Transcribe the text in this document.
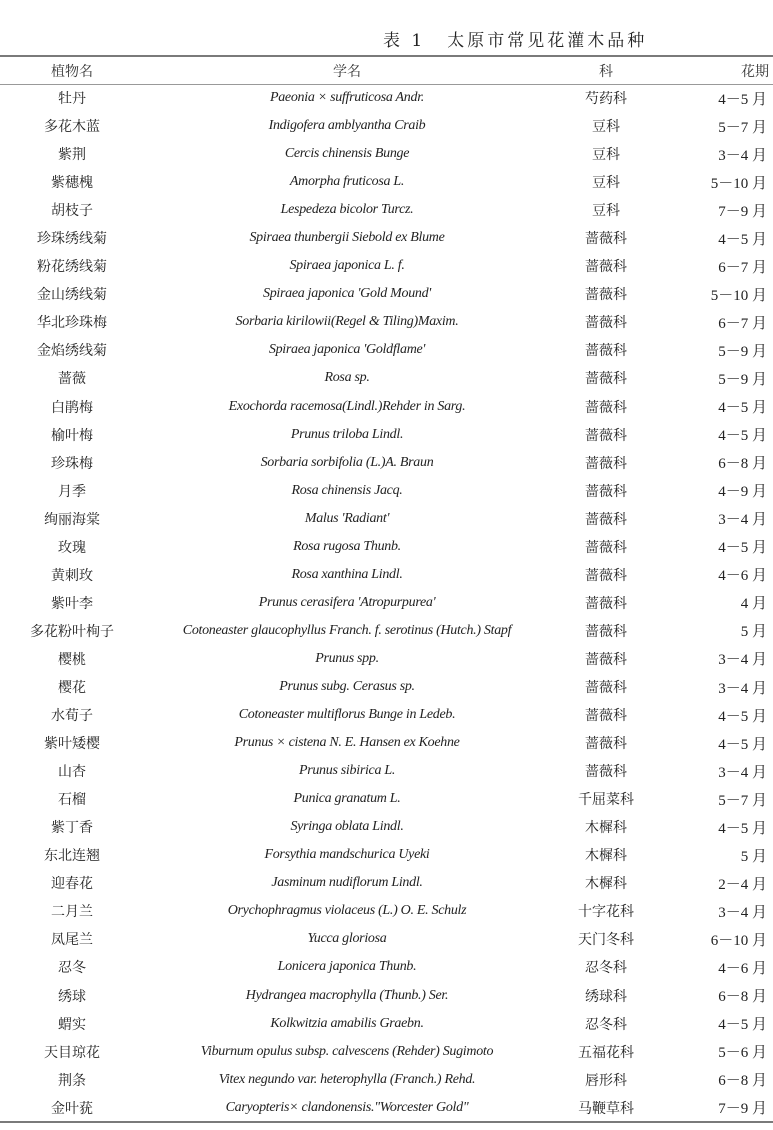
表 1 太原市常见花灌木品种
植物名	学名	科	花期
牡丹	Paeonia × suffruticosa Andr.	芍药科	4－5 月
多花木蓝	Indigofera amblyantha Craib	豆科	5－7 月
紫荆	Cercis chinensis Bunge	豆科	3－4 月
紫穗槐	Amorpha fruticosa L.	豆科	5－10 月
胡枝子	Lespedeza bicolor Turcz.	豆科	7－9 月
珍珠绣线菊	Spiraea thunbergii Siebold ex Blume	蔷薇科	4－5 月
粉花绣线菊	Spiraea japonica L. f.	蔷薇科	6－7 月
金山绣线菊	Spiraea japonica 'Gold Mound'	蔷薇科	5－10 月
华北珍珠梅	Sorbaria kirilowii(Regel & Tiling)Maxim.	蔷薇科	6－7 月
金焰绣线菊	Spiraea japonica 'Goldflame'	蔷薇科	5－9 月
蔷薇	Rosa sp.	蔷薇科	5－9 月
白鹃梅	Exochorda racemosa(Lindl.)Rehder in Sarg.	蔷薇科	4－5 月
榆叶梅	Prunus triloba Lindl.	蔷薇科	4－5 月
珍珠梅	Sorbaria sorbifolia (L.)A. Braun	蔷薇科	6－8 月
月季	Rosa chinensis Jacq.	蔷薇科	4－9 月
绚丽海棠	Malus 'Radiant'	蔷薇科	3－4 月
玫瑰	Rosa rugosa Thunb.	蔷薇科	4－5 月
黄刺玫	Rosa xanthina Lindl.	蔷薇科	4－6 月
紫叶李	Prunus cerasifera 'Atropurpurea'	蔷薇科	4 月
多花粉叶栒子	Cotoneaster glaucophyllus Franch. f. serotinus (Hutch.) Stapf	蔷薇科	5 月
樱桃	Prunus spp.	蔷薇科	3－4 月
樱花	Prunus subg. Cerasus sp.	蔷薇科	3－4 月
水荀子	Cotoneaster multiflorus Bunge in Ledeb.	蔷薇科	4－5 月
紫叶矮樱	Prunus × cistena N. E. Hansen ex Koehne	蔷薇科	4－5 月
山杏	Prunus sibirica L.	蔷薇科	3－4 月
石榴	Punica granatum L.	千屈菜科	5－7 月
紫丁香	Syringa oblata Lindl.	木樨科	4－5 月
东北连翘	Forsythia mandschurica Uyeki	木樨科	5 月
迎春花	Jasminum nudiflorum Lindl.	木樨科	2－4 月
二月兰	Orychophragmus violaceus (L.) O. E. Schulz	十字花科	3－4 月
凤尾兰	Yucca gloriosa	天门冬科	6－10 月
忍冬	Lonicera japonica Thunb.	忍冬科	4－6 月
绣球	Hydrangea macrophylla (Thunb.) Ser.	绣球科	6－8 月
蝟实	Kolkwitzia amabilis Graebn.	忍冬科	4－5 月
天目琼花	Viburnum opulus subsp. calvescens (Rehder) Sugimoto	五福花科	5－6 月
荆条	Vitex negundo var. heterophylla (Franch.) Rehd.	唇形科	6－8 月
金叶莸	Caryopteris× clandonensis."Worcester Gold"	马鞭草科	7－9 月
